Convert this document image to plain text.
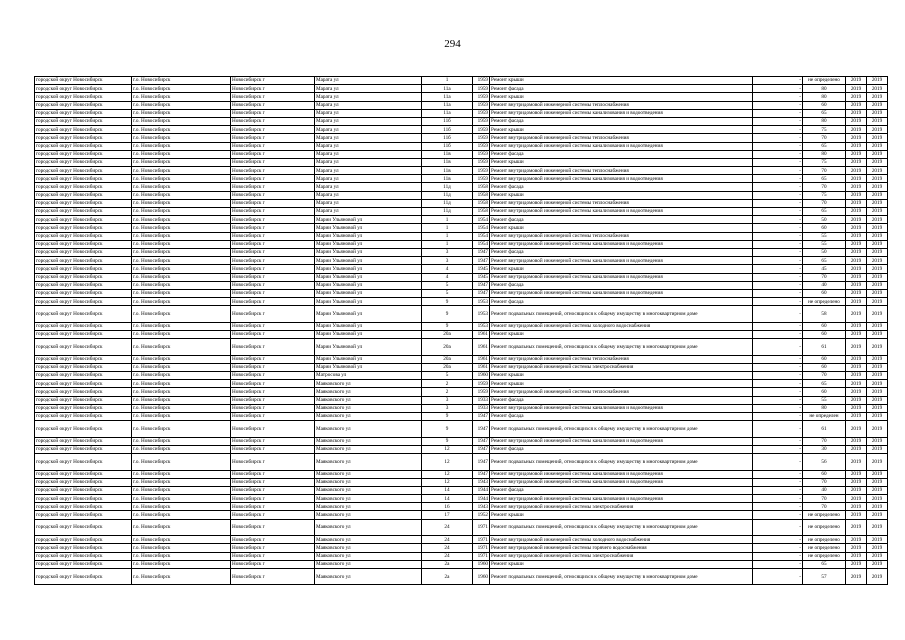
294
городской округ Новосибирск	г.о. Новосибирск	Новосибирск г	Марата ул	1	1959	Ремонт крыши	-	не определено	2019	2019
городской округ Новосибирск	г.о. Новосибирск	Новосибирск г	Марата ул	11а	1959	Ремонт фасада	-	80	2019	2019
городской округ Новосибирск	г.о. Новосибирск	Новосибирск г	Марата ул	11а	1959	Ремонт крыши	-	80	2019	2019
городской округ Новосибирск	г.о. Новосибирск	Новосибирск г	Марата ул	11а	1959	Ремонт внутридомовой инженерной системы теплоснабжения	-	60	2019	2019
городской округ Новосибирск	г.о. Новосибирск	Новосибирск г	Марата ул	11а	1959	Ремонт внутридомовой инженерной системы канализования и водоотведения	-	65	2019	2019
городской округ Новосибирск	г.о. Новосибирск	Новосибирск г	Марата ул	11б	1959	Ремонт фасада	-	80	2019	2019
городской округ Новосибирск	г.о. Новосибирск	Новосибирск г	Марата ул	11б	1959	Ремонт крыши	-	75	2019	2019
городской округ Новосибирск	г.о. Новосибирск	Новосибирск г	Марата ул	11б	1959	Ремонт внутридомовой инженерной системы теплоснабжения	-	70	2019	2019
городской округ Новосибирск	г.о. Новосибирск	Новосибирск г	Марата ул	11б	1959	Ремонт внутридомовой инженерной системы канализования и водоотведения	-	65	2019	2019
городской округ Новосибирск	г.о. Новосибирск	Новосибирск г	Марата ул	11в	1959	Ремонт фасада	-	80	2019	2019
городской округ Новосибирск	г.о. Новосибирск	Новосибирск г	Марата ул	11в	1959	Ремонт крыши	-	75	2019	2019
городской округ Новосибирск	г.о. Новосибирск	Новосибирск г	Марата ул	11в	1959	Ремонт внутридомовой инженерной системы теплоснабжения	-	70	2019	2019
городской округ Новосибирск	г.о. Новосибирск	Новосибирск г	Марата ул	11в	1959	Ремонт внутридомовой инженерной системы канализования и водоотведения	-	65	2019	2019
городской округ Новосибирск	г.о. Новосибирск	Новосибирск г	Марата ул	11д	1958	Ремонт фасада	-	70	2019	2019
городской округ Новосибирск	г.о. Новосибирск	Новосибирск г	Марата ул	11д	1958	Ремонт крыши	-	75	2019	2019
городской округ Новосибирск	г.о. Новосибирск	Новосибирск г	Марата ул	11д	1958	Ремонт внутридомовой инженерной системы теплоснабжения	-	70	2019	2019
городской округ Новосибирск	г.о. Новосибирск	Новосибирск г	Марата ул	11д	1958	Ремонт внутридомовой инженерной системы канализования и водоотведения	-	65	2019	2019
городской округ Новосибирск	г.о. Новосибирск	Новосибирск г	Марии Ульяновой ул	1	1954	Ремонт фасада	-	50	2019	2019
городской округ Новосибирск	г.о. Новосибирск	Новосибирск г	Марии Ульяновой ул	1	1954	Ремонт крыши	-	60	2019	2019
городской округ Новосибирск	г.о. Новосибирск	Новосибирск г	Марии Ульяновой ул	1	1954	Ремонт внутридомовой инженерной системы теплоснабжения	-	55	2019	2019
городской округ Новосибирск	г.о. Новосибирск	Новосибирск г	Марии Ульяновой ул	1	1954	Ремонт внутридомовой инженерной системы канализования и водоотведения	-	55	2019	2019
городской округ Новосибирск	г.о. Новосибирск	Новосибирск г	Марии Ульяновой ул	3	1947	Ремонт фасада	-	50	2019	2019
городской округ Новосибирск	г.о. Новосибирск	Новосибирск г	Марии Ульяновой ул	3	1947	Ремонт внутридомовой инженерной системы канализования и водоотведения	-	65	2019	2019
городской округ Новосибирск	г.о. Новосибирск	Новосибирск г	Марии Ульяновой ул	4	1945	Ремонт крыши	-	45	2019	2019
городской округ Новосибирск	г.о. Новосибирск	Новосибирск г	Марии Ульяновой ул	4	1945	Ремонт внутридомовой инженерной системы канализования и водоотведения	-	70	2019	2019
городской округ Новосибирск	г.о. Новосибирск	Новосибирск г	Марии Ульяновой ул	5	1947	Ремонт фасада	-	40	2019	2019
городской округ Новосибирск	г.о. Новосибирск	Новосибирск г	Марии Ульяновой ул	5	1947	Ремонт внутридомовой инженерной системы канализования и водоотведения	-	60	2019	2019
городской округ Новосибирск	г.о. Новосибирск	Новосибирск г	Марии Ульяновой ул	9	1953	Ремонт фасада	-	не определено	2019	2019
городской округ Новосибирск	г.о. Новосибирск	Новосибирск г	Марии Ульяновой ул	9	1953	Ремонт подвальных помещений, относящихся к общему имуществу в многоквартирном доме	-	58	2019	2019
городской округ Новосибирск	г.о. Новосибирск	Новосибирск г	Марии Ульяновой ул	9	1953	Ремонт внутридомовой инженерной системы холодного водоснабжения	-	60	2019	2019
городской округ Новосибирск	г.о. Новосибирск	Новосибирск г	Марии Ульяновой ул	20а	1961	Ремонт крыши	-	60	2019	2019
городской округ Новосибирск	г.о. Новосибирск	Новосибирск г	Марии Ульяновой ул	20а	1961	Ремонт подвальных помещений, относящихся к общему имуществу в многоквартирном доме	-	61	2019	2019
городской округ Новосибирск	г.о. Новосибирск	Новосибирск г	Марии Ульяновой ул	20а	1961	Ремонт внутридомовой инженерной системы теплоснабжения	-	60	2019	2019
городской округ Новосибирск	г.о. Новосибирск	Новосибирск г	Марии Ульяновой ул	20а	1961	Ремонт внутридомовой инженерной системы электроснабжения	-	60	2019	2019
городской округ Новосибирск	г.о. Новосибирск	Новосибирск г	Матросова ул	5	1960	Ремонт крыши	-	70	2019	2019
городской округ Новосибирск	г.о. Новосибирск	Новосибирск г	Маяковского ул	2	1959	Ремонт крыши	-	65	2019	2019
городской округ Новосибирск	г.о. Новосибирск	Новосибирск г	Маяковского ул	2	1959	Ремонт внутридомовой инженерной системы теплоснабжения	-	60	2019	2019
городской округ Новосибирск	г.о. Новосибирск	Новосибирск г	Маяковского ул	3	1933	Ремонт фасада	-	55	2019	2019
городской округ Новосибирск	г.о. Новосибирск	Новосибирск г	Маяковского ул	3	1933	Ремонт внутридомовой инженерной системы канализования и водоотведения	-	80	2019	2019
городской округ Новосибирск	г.о. Новосибирск	Новосибирск г	Маяковского ул	9	1947	Ремонт фасада	-	не определен	2019	2019
городской округ Новосибирск	г.о. Новосибирск	Новосибирск г	Маяковского ул	9	1947	Ремонт подвальных помещений, относящихся к общему имуществу в многоквартирном доме	-	61	2019	2019
городской округ Новосибирск	г.о. Новосибирск	Новосибирск г	Маяковского ул	9	1947	Ремонт внутридомовой инженерной системы канализования и водоотведения	-	70	2019	2019
городской округ Новосибирск	г.о. Новосибирск	Новосибирск г	Маяковского ул	12	1947	Ремонт фасада	-	30	2019	2019
городской округ Новосибирск	г.о. Новосибирск	Новосибирск г	Маяковского ул	12	1947	Ремонт подвальных помещений, относящихся к общему имуществу в многоквартирном доме	-	56	2019	2019
городской округ Новосибирск	г.о. Новосибирск	Новосибирск г	Маяковского ул	12	1947	Ремонт внутридомовой инженерной системы канализования и водоотведения	-	60	2019	2019
городской округ Новосибирск	г.о. Новосибирск	Новосибирск г	Маяковского ул	12	1943	Ремонт внутридомовой инженерной системы канализования и водоотведения	-	70	2019	2019
городской округ Новосибирск	г.о. Новосибирск	Новосибирск г	Маяковского ул	14	1944	Ремонт фасада	-	40	2019	2019
городской округ Новосибирск	г.о. Новосибирск	Новосибирск г	Маяковского ул	14	1944	Ремонт внутридомовой инженерной системы канализования и водоотведения	-	70	2019	2019
городской округ Новосибирск	г.о. Новосибирск	Новосибирск г	Маяковского ул	16	1943	Ремонт внутридомовой инженерной системы электроснабжения	-	70	2019	2019
городской округ Новосибирск	г.о. Новосибирск	Новосибирск г	Маяковского ул	17	1952	Ремонт крыши	-	не определено	2019	2019
городской округ Новосибирск	г.о. Новосибирск	Новосибирск г	Маяковского ул	24	1971	Ремонт подвальных помещений, относящихся к общему имуществу в многоквартирном доме	-	не определено	2019	2019
городской округ Новосибирск	г.о. Новосибирск	Новосибирск г	Маяковского ул	24	1971	Ремонт внутридомовой инженерной системы холодного водоснабжения	-	не определено	2019	2019
городской округ Новосибирск	г.о. Новосибирск	Новосибирск г	Маяковского ул	24	1971	Ремонт внутридомовой инженерной системы горячего водоснабжения	-	не определено	2019	2019
городской округ Новосибирск	г.о. Новосибирск	Новосибирск г	Маяковского ул	24	1971	Ремонт внутридомовой инженерной системы электроснабжения	-	не определено	2019	2019
городской округ Новосибирск	г.о. Новосибирск	Новосибирск г	Маяковского ул	2а	1960	Ремонт крыши	-	65	2019	2019
городской округ Новосибирск	г.о. Новосибирск	Новосибирск г	Маяковского ул	2а	1960	Ремонт подвальных помещений, относящихся к общему имуществу в многоквартирном доме	-	57	2019	2019
